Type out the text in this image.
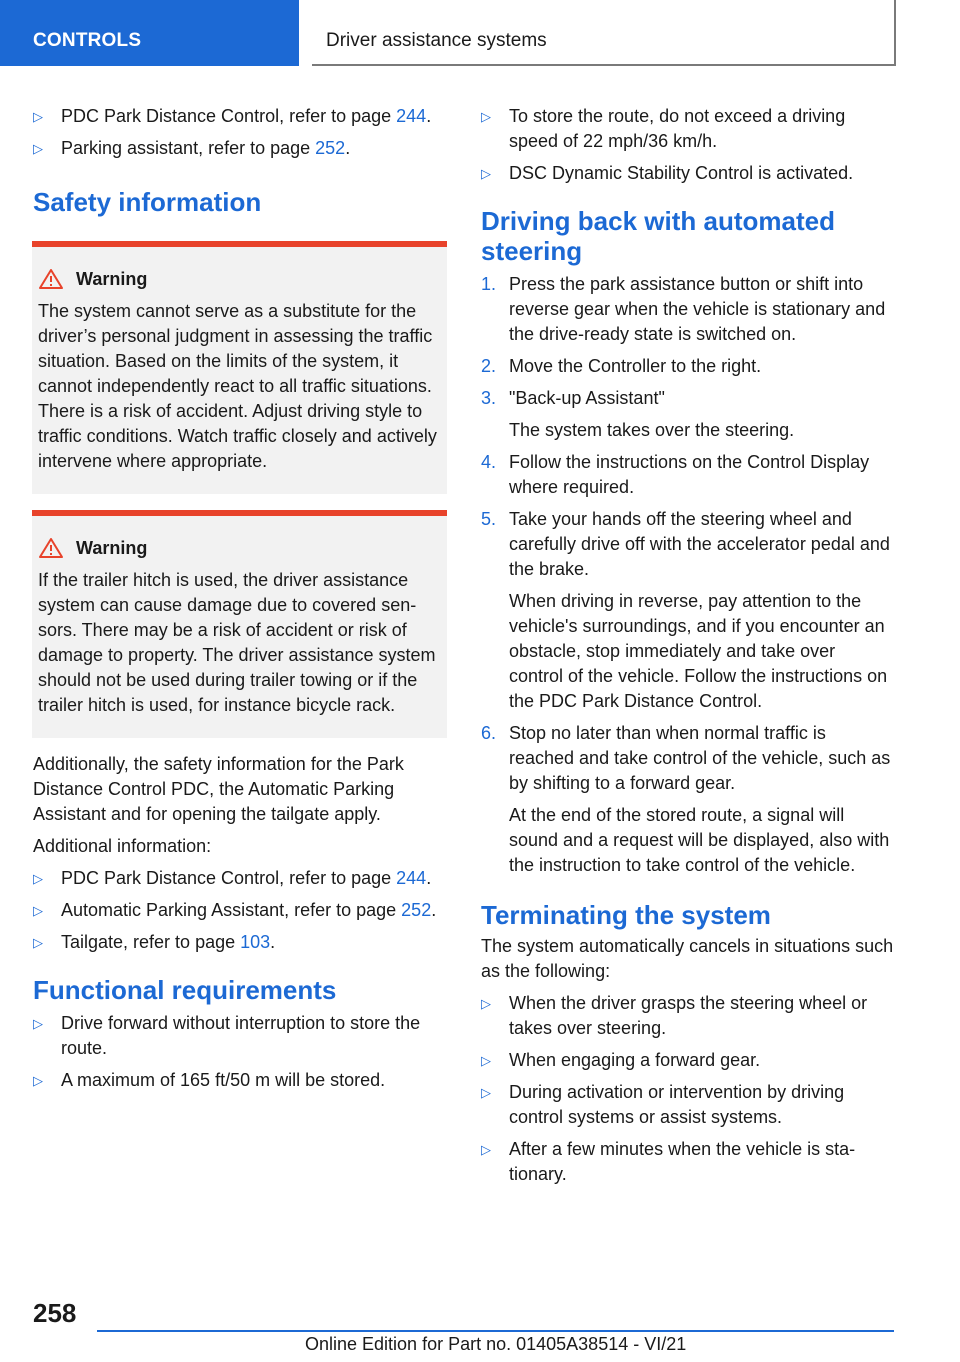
CONTROLS	Driver assistance systems
▷ PDC Park Distance Control, refer to page 244.
▷ Parking assistant, refer to page 252.
Safety information
Warning

The system cannot serve as a substitute for the driver’s personal judgment in assessing the traffic situation. Based on the limits of the system, it cannot independently react to all traffic situations. There is a risk of accident. Adjust driving style to traffic conditions. Watch traffic closely and actively intervene where appropriate.

Warning

If the trailer hitch is used, the driver assistance system can cause damage due to covered sensors. There may be a risk of accident or risk of damage to property. The driver assistance system should not be used during trailer towing or if the trailer hitch is used, for instance bicycle rack.

Additionally, the safety information for the Park Distance Control PDC, the Automatic Parking Assistant and for opening the tailgate apply.

Additional information:

▷ PDC Park Distance Control, refer to page 244.
▷ Automatic Parking Assistant, refer to page 252.
▷ Tailgate, refer to page 103.
Functional requirements
▷ Drive forward without interruption to store the route.
▷ A maximum of 165 ft/50 m will be stored.
▷ To store the route, do not exceed a driving speed of 22 mph/36 km/h.
▷ DSC Dynamic Stability Control is activated.
Driving back with automated steering
1. Press the park assistance button or shift into reverse gear when the vehicle is stationary and the drive-ready state is switched on.
2. Move the Controller to the right.
3. "Back-up Assistant"

The system takes over the steering.

4. Follow the instructions on the Control Display where required.
5. Take your hands off the steering wheel and carefully drive off with the accelerator pedal and the brake.

When driving in reverse, pay attention to the vehicle's surroundings, and if you encounter an obstacle, stop immediately and take over control of the vehicle. Follow the instructions on the PDC Park Distance Control.

6. Stop no later than when normal traffic is reached and take control of the vehicle, such as by shifting to a forward gear.

At the end of the stored route, a signal will sound and a request will be displayed, also with the instruction to take control of the vehicle.

Terminating the system

The system automatically cancels in situations such as the following:

▷ When the driver grasps the steering wheel or takes over steering.
▷ When engaging a forward gear.
▷ During activation or intervention by driving control systems or assist systems.
▷ After a few minutes when the vehicle is stationary.
258
Online Edition for Part no. 01405A38514 - VI/21
